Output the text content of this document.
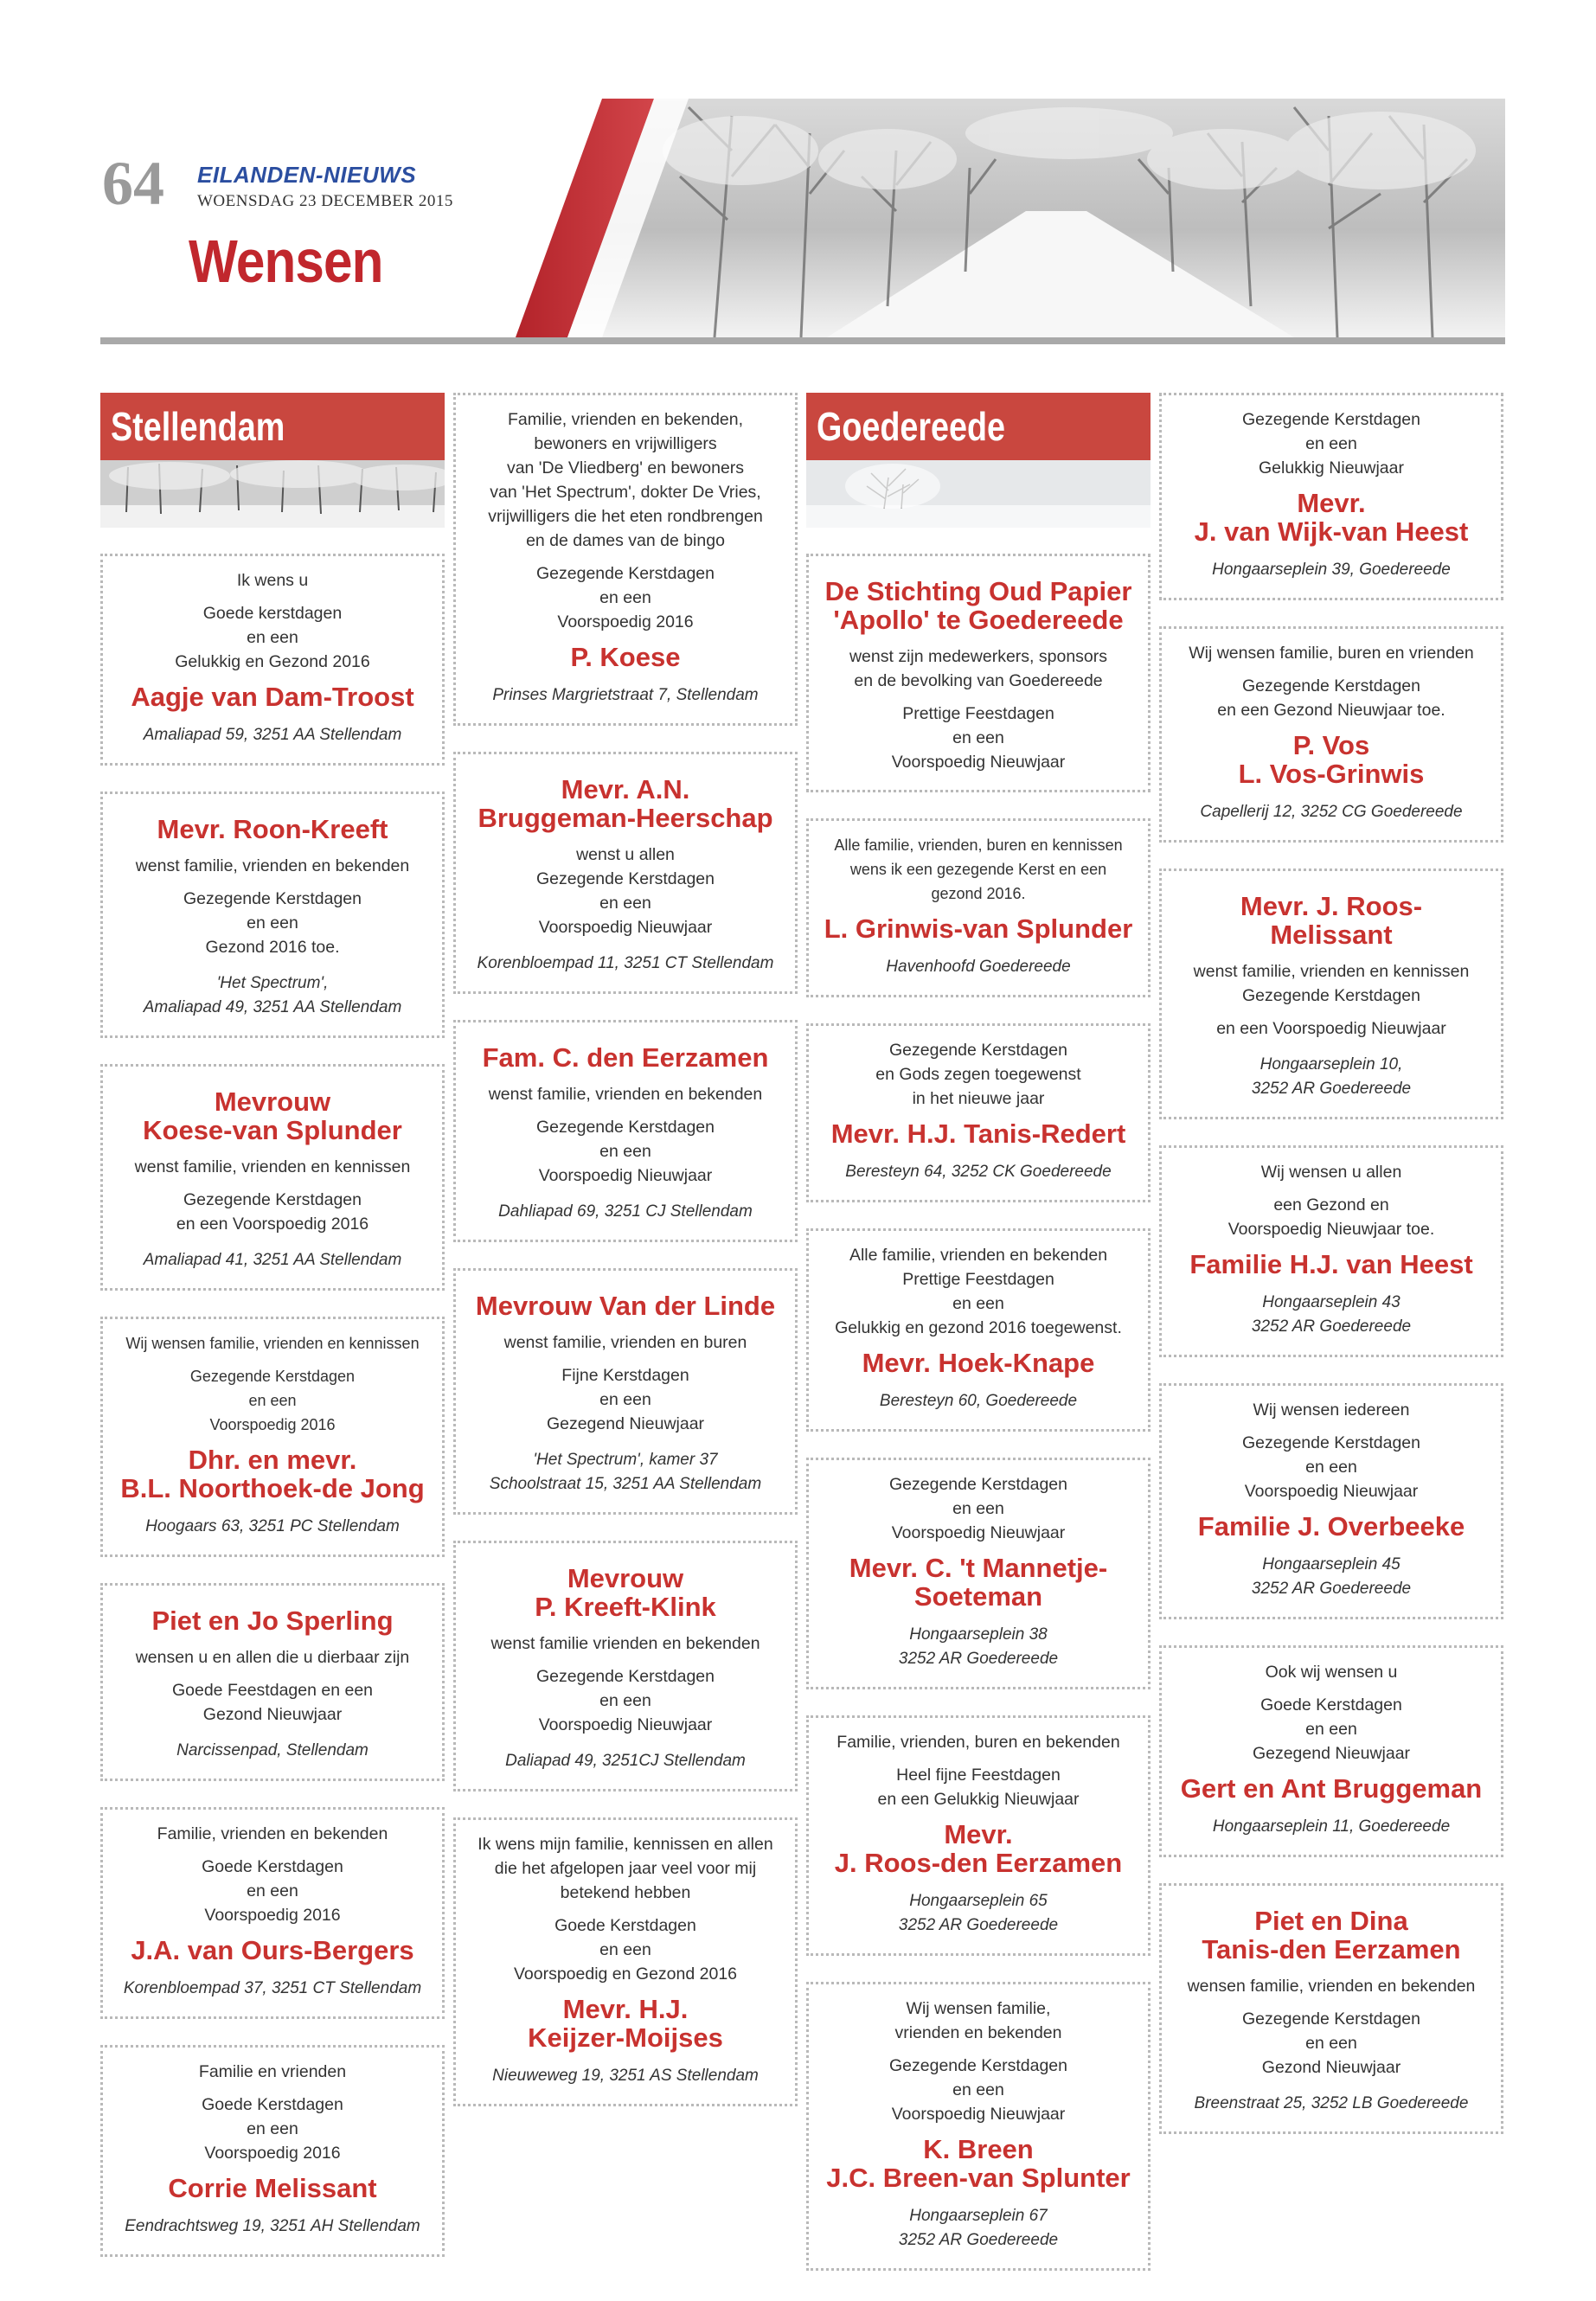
64 EILANDEN-NIEUWS
WOENSDAG 23 DECEMBER 2015
Wensen
Stellendam
Ik wens u
Goede kerstdagen
en een
Gelukkig en Gezond 2016
Aagje van Dam-Troost
Amaliapad 59, 3251 AA Stellendam
Mevr. Roon-Kreeft
wenst familie, vrienden en bekenden
Gezegende Kerstdagen
en een
Gezond 2016 toe.
'Het Spectrum',
Amaliapad 49, 3251 AA Stellendam
Mevrouw
Koese-van Splunder
wenst familie, vrienden en kennissen
Gezegende Kerstdagen
en een Voorspoedig 2016
Amaliapad 41, 3251 AA Stellendam
Wij wensen familie, vrienden en kennissen
Gezegende Kerstdagen
en een
Voorspoedig 2016
Dhr. en mevr.
B.L. Noorthoek-de Jong
Hoogaars 63, 3251 PC Stellendam
Piet en Jo Sperling
wensen u en allen die u dierbaar zijn
Goede Feestdagen en een
Gezond Nieuwjaar
Narcissenpad, Stellendam
Familie, vrienden en bekenden
Goede Kerstdagen
en een
Voorspoedig 2016
J.A. van Ours-Bergers
Korenbloempad 37, 3251 CT Stellendam
Familie en vrienden
Goede Kerstdagen
en een
Voorspoedig 2016
Corrie Melissant
Eendrachtsweg 19, 3251 AH Stellendam
Familie, vrienden en bekenden,
bewoners en vrijwilligers
van 'De Vliedberg' en bewoners
van 'Het Spectrum', dokter De Vries,
vrijwilligers die het eten rondbrengen
en de dames van de bingo
Gezegende Kerstdagen
en een
Voorspoedig 2016
P. Koese
Prinses Margrietstraat 7, Stellendam
Mevr. A.N.
Bruggeman-Heerschap
wenst u allen
Gezegende Kerstdagen
en een
Voorspoedig Nieuwjaar
Korenbloempad 11, 3251 CT Stellendam
Fam. C. den Eerzamen
wenst familie, vrienden en bekenden
Gezegende Kerstdagen
en een
Voorspoedig Nieuwjaar
Dahliapad 69, 3251 CJ Stellendam
Mevrouw Van der Linde
wenst familie, vrienden en buren
Fijne Kerstdagen
en een
Gezegend Nieuwjaar
'Het Spectrum', kamer 37
Schoolstraat 15, 3251 AA Stellendam
Mevrouw
P. Kreeft-Klink
wenst familie vrienden en bekenden
Gezegende Kerstdagen
en een
Voorspoedig Nieuwjaar
Daliapad 49, 3251CJ Stellendam
Ik wens mijn familie, kennissen en allen
die het afgelopen jaar veel voor mij
betekend hebben
Goede Kerstdagen
en een
Voorspoedig en Gezond 2016
Mevr. H.J.
Keijzer-Moijses
Nieuweweg 19, 3251 AS Stellendam
Goedereede
De Stichting Oud Papier
'Apollo' te Goedereede
wenst zijn medewerkers, sponsors
en de bevolking van Goedereede
Prettige Feestdagen
en een
Voorspoedig Nieuwjaar
Alle familie, vrienden, buren en kennissen
wens ik een gezegende Kerst en een
gezond 2016.
L. Grinwis-van Splunder
Havenhoofd Goedereede
Gezegende Kerstdagen
en Gods zegen toegewenst
in het nieuwe jaar
Mevr. H.J. Tanis-Redert
Beresteyn 64, 3252 CK Goedereede
Alle familie, vrienden en bekenden
Prettige Feestdagen
en een
Gelukkig en gezond 2016 toegewenst.
Mevr. Hoek-Knape
Beresteyn 60, Goedereede
Gezegende Kerstdagen
en een
Voorspoedig Nieuwjaar
Mevr. C. 't Mannetje-
Soeteman
Hongaarseplein 38
3252 AR Goedereede
Familie, vrienden, buren en bekenden
Heel fijne Feestdagen
en een Gelukkig Nieuwjaar
Mevr.
J. Roos-den Eerzamen
Hongaarseplein 65
3252 AR Goedereede
Wij wensen familie,
vrienden en bekenden
Gezegende Kerstdagen
en een
Voorspoedig Nieuwjaar
K. Breen
J.C. Breen-van Splunter
Hongaarseplein 67
3252 AR Goedereede
Gezegende Kerstdagen
en een
Gelukkig Nieuwjaar
Mevr.
J. van Wijk-van Heest
Hongaarseplein 39, Goedereede
Wij wensen familie, buren en vrienden
Gezegende Kerstdagen
en een Gezond Nieuwjaar toe.
P. Vos
L. Vos-Grinwis
Capellerij 12, 3252 CG Goedereede
Mevr. J. Roos-
Melissant
wenst familie, vrienden en kennissen
Gezegende Kerstdagen
en een Voorspoedig Nieuwjaar
Hongaarseplein 10,
3252 AR Goedereede
Wij wensen u allen
een Gezond en
Voorspoedig Nieuwjaar toe.
Familie H.J. van Heest
Hongaarseplein 43
3252 AR Goedereede
Wij wensen iedereen
Gezegende Kerstdagen
en een
Voorspoedig Nieuwjaar
Familie J. Overbeeke
Hongaarseplein 45
3252 AR Goedereede
Ook wij wensen u
Goede Kerstdagen
en een
Gezegend Nieuwjaar
Gert en Ant Bruggeman
Hongaarseplein 11, Goedereede
Piet en Dina
Tanis-den Eerzamen
wensen familie, vrienden en bekenden
Gezegende Kerstdagen
en een
Gezond Nieuwjaar
Breenstraat 25, 3252 LB Goedereede
